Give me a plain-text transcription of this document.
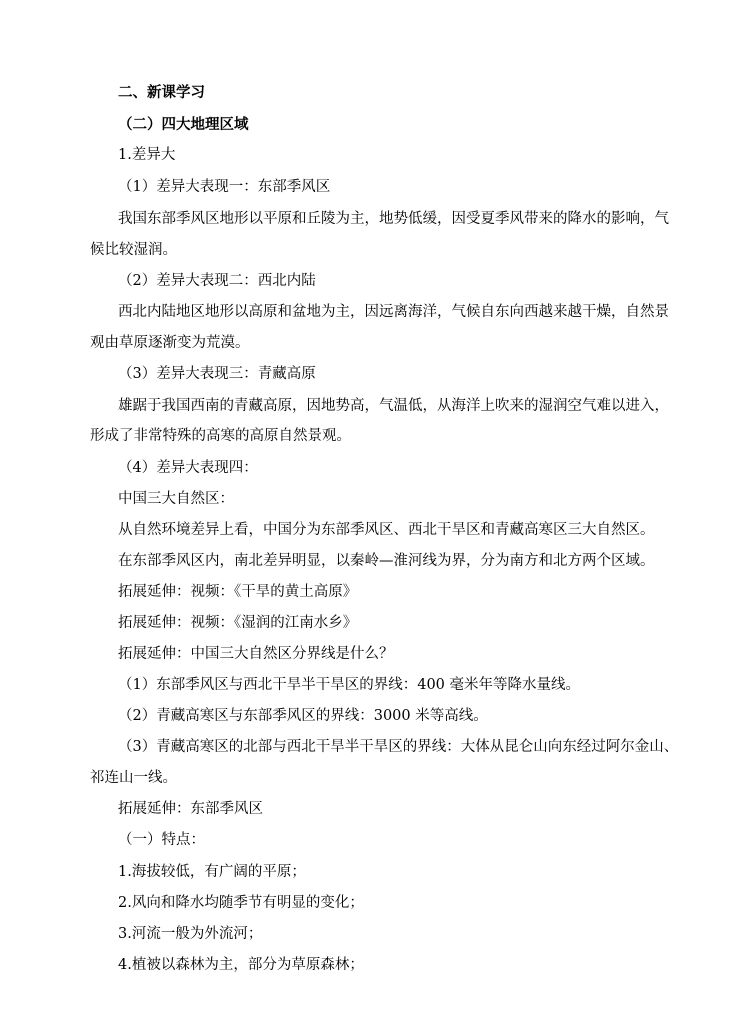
二、新课学习
（二）四大地理区域
1.差异大
（1）差异大表现一：东部季风区
我国东部季风区地形以平原和丘陵为主，地势低缓，因受夏季风带来的降水的影响，气
候比较湿润。
（2）差异大表现二：西北内陆
西北内陆地区地形以高原和盆地为主，因远离海洋，气候自东向西越来越干燥，自然景
观由草原逐渐变为荒漠。
（3）差异大表现三：青藏高原
雄踞于我国西南的青藏高原，因地势高，气温低，从海洋上吹来的湿润空气难以进入，
形成了非常特殊的高寒的高原自然景观。
（4）差异大表现四：
中国三大自然区：
从自然环境差异上看，中国分为东部季风区、西北干旱区和青藏高寒区三大自然区。
在东部季风区内，南北差异明显，以秦岭—淮河线为界，分为南方和北方两个区域。
拓展延伸：视频：《干旱的黄土高原》
拓展延伸：视频：《湿润的江南水乡》
拓展延伸：中国三大自然区分界线是什么？
（1）东部季风区与西北干旱半干旱区的界线：400 毫米年等降水量线。
（2）青藏高寒区与东部季风区的界线：3000 米等高线。
（3）青藏高寒区的北部与西北干旱半干旱区的界线：大体从昆仑山向东经过阿尔金山、
祁连山一线。
拓展延伸：东部季风区
（一）特点：
1.海拔较低，有广阔的平原；
2.风向和降水均随季节有明显的变化；
3.河流一般为外流河；
4.植被以森林为主，部分为草原森林；
